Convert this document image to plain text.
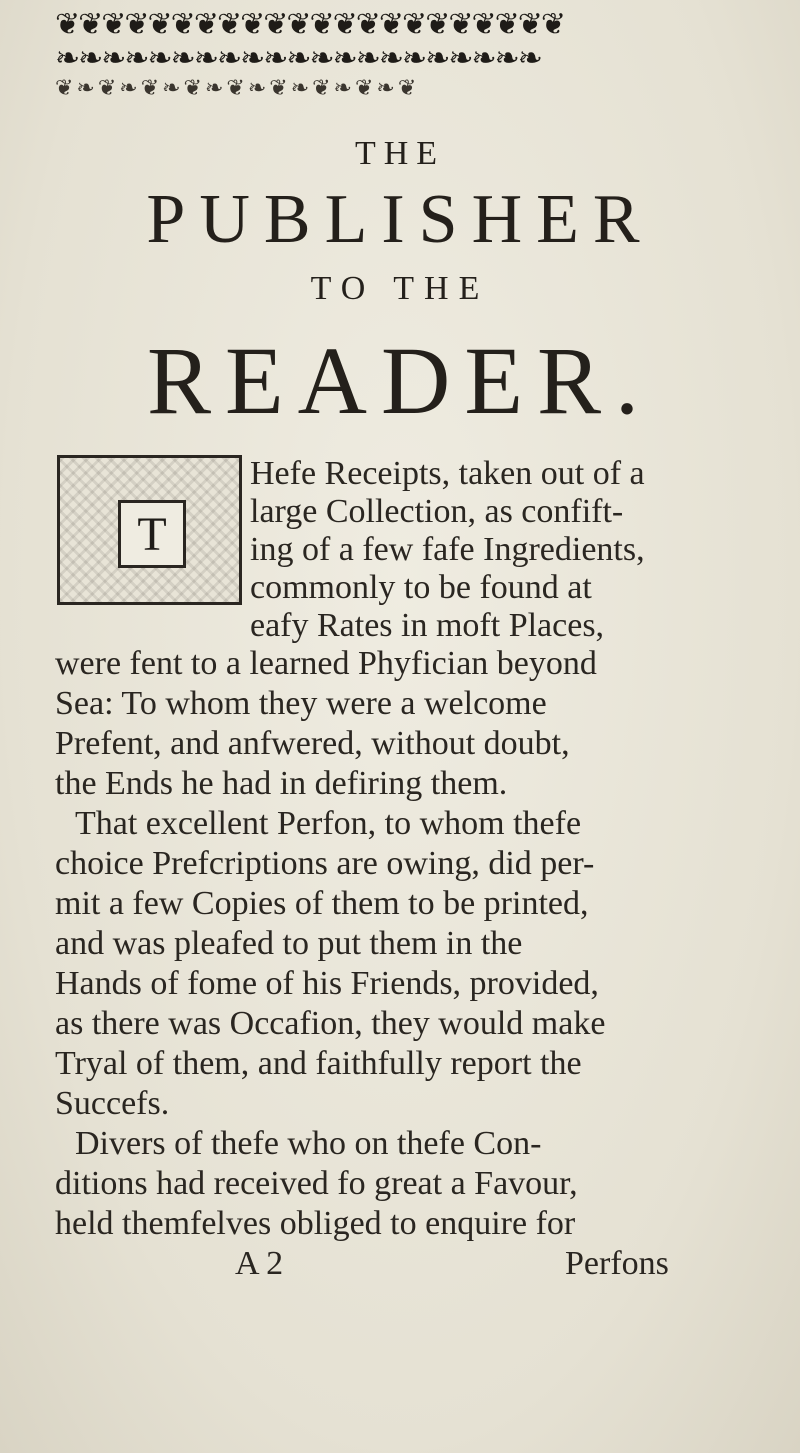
❦❦❦❦❦❦❦❦❦❦❦❦❦❦❦❦❦❦❦❦❦❦
❧❧❧❧❧❧❧❧❧❧❧❧❧❧❧❧❧❧❧❧❧
❦ ❧ ❦ ❧ ❦ ❧ ❦ ❧ ❦ ❧ ❦ ❧ ❦ ❧ ❦ ❧ ❦
THE
PUBLISHER
TO THE
READER.
T
Hefe Receipts, taken out of a
large Collection, as confift-
ing of a few fafe Ingredients,
commonly to be found at
eafy Rates in moft Places,
were fent to a learned Phyfician beyond
Sea: To whom they were a welcome
Prefent, and anfwered, without doubt,
the Ends he had in defiring them.
That excellent Perfon, to whom thefe
choice Prefcriptions are owing, did per-
mit a few Copies of them to be printed,
and was pleafed to put them in the
Hands of fome of his Friends, provided,
as there was Occafion, they would make
Tryal of them, and faithfully report the
Succefs.
Divers of thefe who on thefe Con-
ditions had received fo great a Favour,
held themfelves obliged to enquire for
A 2	Perfons
